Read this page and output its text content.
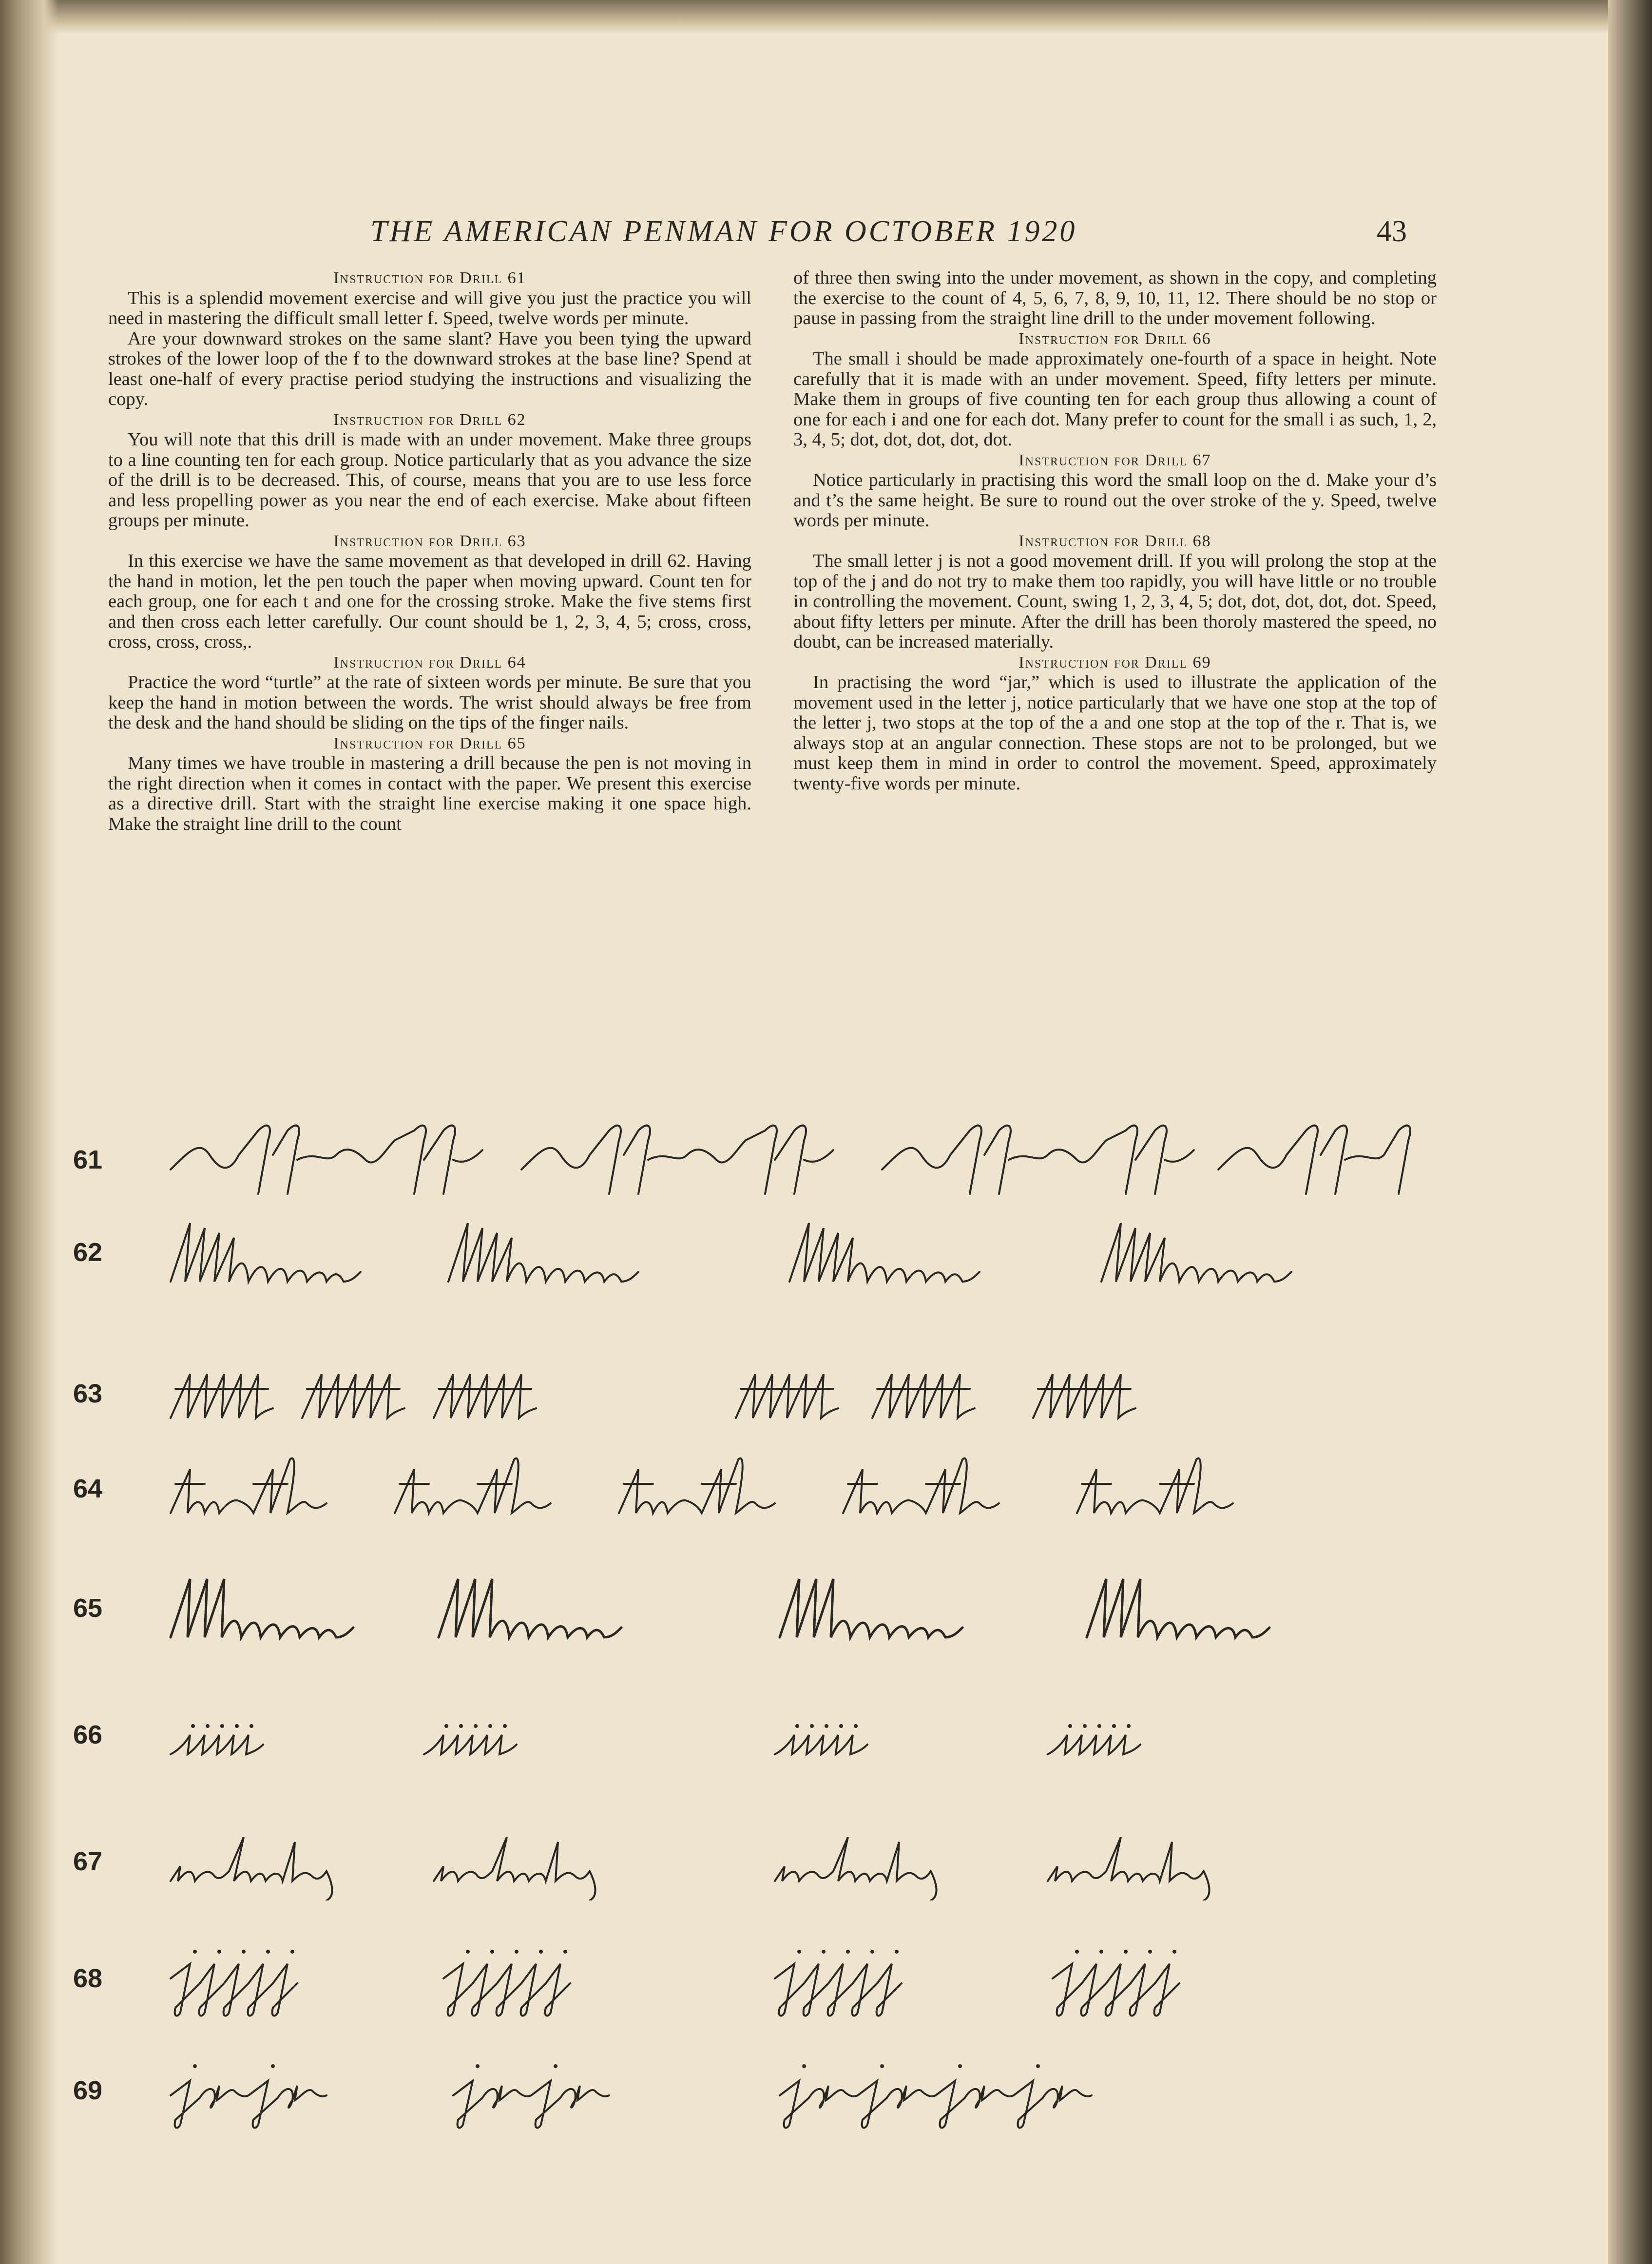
THE AMERICAN PENMAN FOR OCTOBER 1920	43

Instruction for Drill 61

This is a splendid movement exercise and will give you just the practice you will need in mastering the difficult small letter f. Speed, twelve words per minute.

Are your downward strokes on the same slant? Have you been tying the upward strokes of the lower loop of the f to the downward strokes at the base line? Spend at least one-half of every practise period studying the instructions and visualizing the copy.

Instruction for Drill 62

You will note that this drill is made with an under movement. Make three groups to a line counting ten for each group. Notice particularly that as you advance the size of the drill is to be decreased. This, of course, means that you are to use less force and less propelling power as you near the end of each exercise. Make about fifteen groups per minute.

Instruction for Drill 63

In this exercise we have the same movement as that developed in drill 62. Having the hand in motion, let the pen touch the paper when moving upward. Count ten for each group, one for each t and one for the crossing stroke. Make the five stems first and then cross each letter carefully. Our count should be 1, 2, 3, 4, 5; cross, cross, cross, cross, cross,.

Instruction for Drill 64

Practice the word “turtle” at the rate of sixteen words per minute. Be sure that you keep the hand in motion between the words. The wrist should always be free from the desk and the hand should be sliding on the tips of the finger nails.

Instruction for Drill 65

Many times we have trouble in mastering a drill because the pen is not moving in the right direction when it comes in contact with the paper. We present this exercise as a directive drill. Start with the straight line exercise making it one space high. Make the straight line drill to the count

of three then swing into the under movement, as shown in the copy, and completing the exercise to the count of 4, 5, 6, 7, 8, 9, 10, 11, 12. There should be no stop or pause in passing from the straight line drill to the under movement following.

Instruction for Drill 66

The small i should be made approximately one-fourth of a space in height. Note carefully that it is made with an under movement. Speed, fifty letters per minute. Make them in groups of five counting ten for each group thus allowing a count of one for each i and one for each dot. Many prefer to count for the small i as such, 1, 2, 3, 4, 5; dot, dot, dot, dot, dot.

Instruction for Drill 67

Notice particularly in practising this word the small loop on the d. Make your d’s and t’s the same height. Be sure to round out the over stroke of the y. Speed, twelve words per minute.

Instruction for Drill 68

The small letter j is not a good movement drill. If you will prolong the stop at the top of the j and do not try to make them too rapidly, you will have little or no trouble in controlling the movement. Count, swing 1, 2, 3, 4, 5; dot, dot, dot, dot, dot. Speed, about fifty letters per minute. After the drill has been thoroly mastered the speed, no doubt, can be increased materially.

Instruction for Drill 69

In practising the word “jar,” which is used to illustrate the application of the movement used in the letter j, notice particularly that we have one stop at the top of the letter j, two stops at the top of the a and one stop at the top of the r. That is, we always stop at an angular connection. These stops are not to be prolonged, but we must keep them in mind in order to control the movement. Speed, approximately twenty-five words per minute.

61
62
63
64
65
66
67
68
69
